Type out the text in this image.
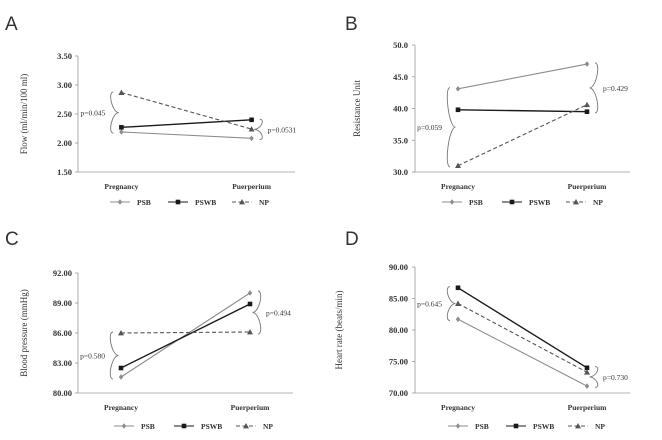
A
1.50
2.00
2.50
3.00
3.50
Pregnancy	Puerperium
Flow (ml/min/100 ml)	p=0.045
p=0.0531
PSB	PSWB	NP
B
30.0
35.0
40.0
45.0
50.0
Pregnancy	Puerperium
Resistance Unit	p=0.059
p=0.429
PSB	PSWB	NP
C
80.00
83.00
86.00
89.00
92.00
Pregnancy	Puerperium
Blood pressure (mmHg)	p=0.580
p=0.494
PSB	PSWB	NP
D
70.00
75.00
80.00
85.00
90.00
Pregnancy	Puerperium
Heart rate (beats/min)	p=0.645
p=0.730
PSB	PSWB	NP
